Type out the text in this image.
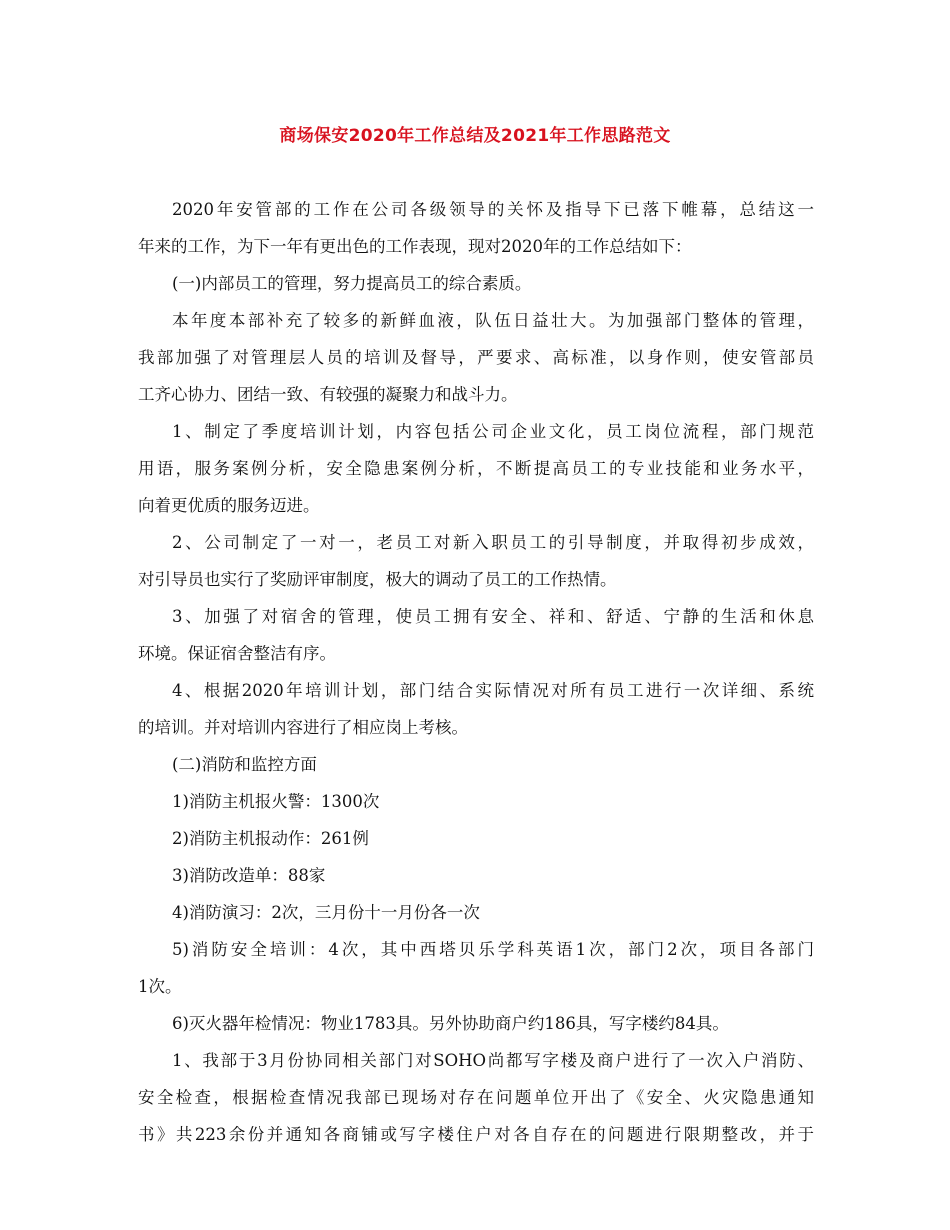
商场保安2020年工作总结及2021年工作思路范文
2020年安管部的工作在公司各级领导的关怀及指导下已落下帷幕，总结这一
年来的工作，为下一年有更出色的工作表现，现对2020年的工作总结如下：
(一)内部员工的管理，努力提高员工的综合素质。
本年度本部补充了较多的新鲜血液，队伍日益壮大。为加强部门整体的管理，
我部加强了对管理层人员的培训及督导，严要求、高标准，以身作则，使安管部员
工齐心协力、团结一致、有较强的凝聚力和战斗力。
1、制定了季度培训计划，内容包括公司企业文化，员工岗位流程，部门规范
用语，服务案例分析，安全隐患案例分析，不断提高员工的专业技能和业务水平，
向着更优质的服务迈进。
2、公司制定了一对一，老员工对新入职员工的引导制度，并取得初步成效，
对引导员也实行了奖励评审制度，极大的调动了员工的工作热情。
3、加强了对宿舍的管理，使员工拥有安全、祥和、舒适、宁静的生活和休息
环境。保证宿舍整洁有序。
4、根据2020年培训计划，部门结合实际情况对所有员工进行一次详细、系统
的培训。并对培训内容进行了相应岗上考核。
(二)消防和监控方面
1)消防主机报火警：1300次
2)消防主机报动作：261例
3)消防改造单：88家
4)消防演习：2次，三月份十一月份各一次
5)消防安全培训：4次，其中西塔贝乐学科英语1次，部门2次，项目各部门
1次。
6)灭火器年检情况：物业1783具。另外协助商户约186具，写字楼约84具。
1、我部于3月份协同相关部门对SOHO尚都写字楼及商户进行了一次入户消防、
安全检查，根据检查情况我部已现场对存在问题单位开出了《安全、火灾隐患通知
书》共223余份并通知各商铺或写字楼住户对各自存在的问题进行限期整改，并于
